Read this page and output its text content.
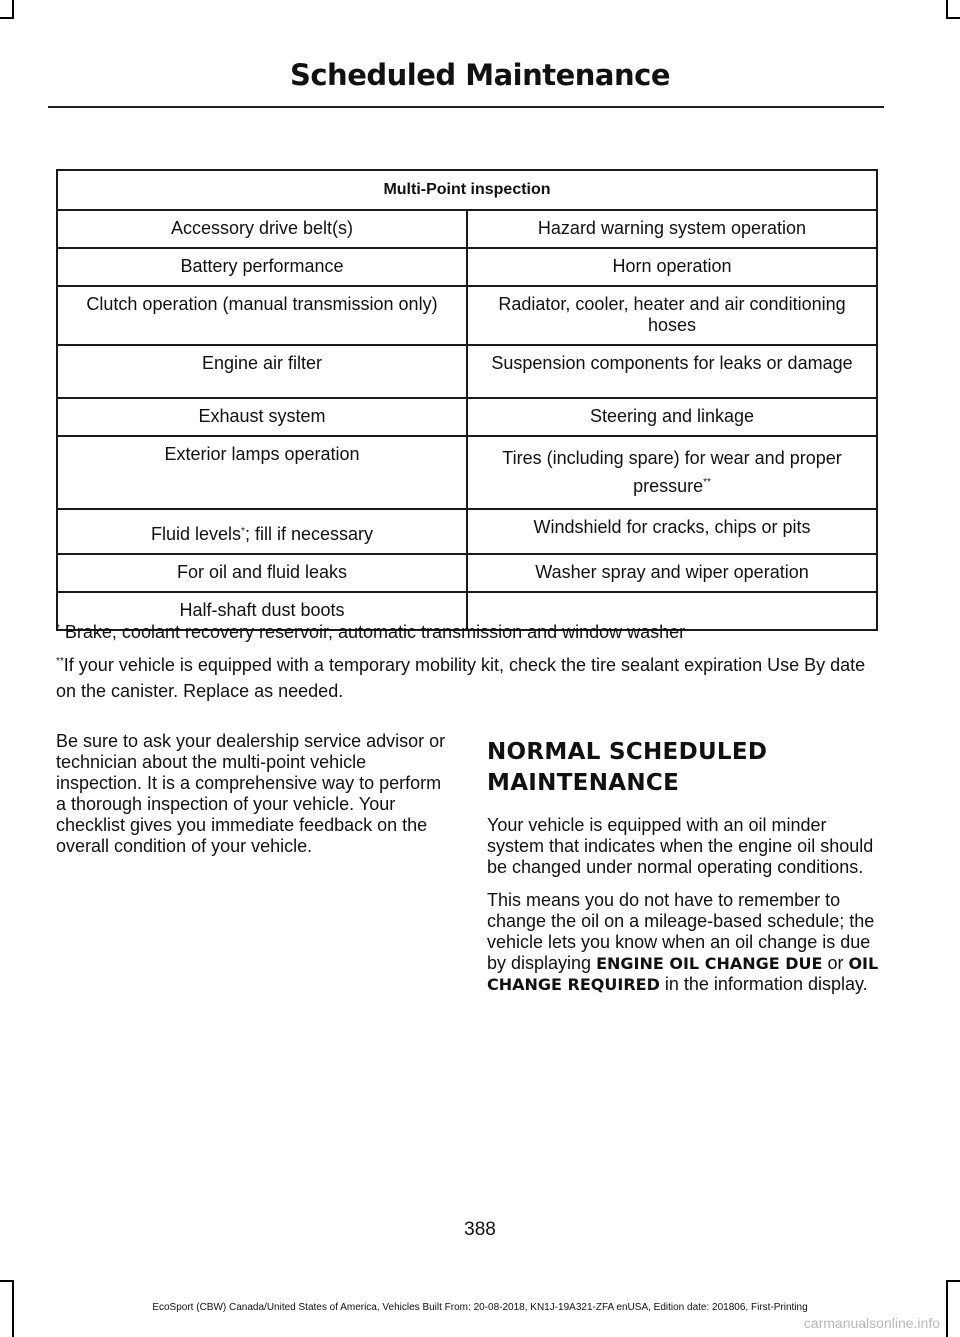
Scheduled Maintenance
Multi-Point inspection	
Accessory drive belt(s)	Hazard warning system operation
Battery performance	Horn operation
Clutch operation (manual transmission only)	Radiator, cooler, heater and air conditioning hoses
Engine air filter	Suspension components for leaks or damage
Exhaust system	Steering and linkage
Exterior lamps operation	Tires (including spare) for wear and proper pressure**
Fluid levels*; fill if necessary	Windshield for cracks, chips or pits
For oil and fluid leaks	Washer spray and wiper operation
Half-shaft dust boots	
* Brake, coolant recovery reservoir, automatic transmission and window washer
**If your vehicle is equipped with a temporary mobility kit, check the tire sealant expiration Use By date on the canister. Replace as needed.

Be sure to ask your dealership service advisor or technician about the multi-point vehicle inspection. It is a comprehensive way to perform a thorough inspection of your vehicle. Your checklist gives you immediate feedback on the overall condition of your vehicle.

NORMAL SCHEDULED
MAINTENANCE

Your vehicle is equipped with an oil minder system that indicates when the engine oil should be changed under normal operating conditions.

This means you do not have to remember to change the oil on a mileage-based schedule; the vehicle lets you know when an oil change is due by displaying ENGINE OIL CHANGE DUE or OIL CHANGE REQUIRED in the information display.

388
EcoSport (CBW) Canada/United States of America, Vehicles Built From: 20-08-2018, KN1J-19A321-ZFA enUSA, Edition date: 201806, First-Printing
carmanualsonline.info
